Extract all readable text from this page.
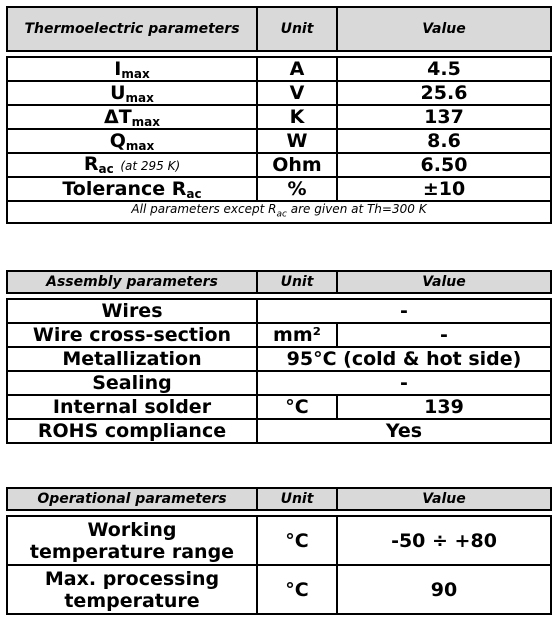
Thermoelectric parameters	Unit	Value

$I_{max}$	A	4.5
$U_{max}$	V	25.6
$\Delta T_{max}$	K	137
$Q_{max}$	W	8.6
$R_{ac}$ (at 295 K)	Ohm	6.50
Tolerance $R_{ac}$	%	±10
All parameters except $R_{ac}$ are given at Th=300 K		
Assembly parameters	Unit	Value

Wires	-	
Wire cross-section	mm²	-
Metallization	95°C (cold & hot side)	
Sealing	-	
Internal solder	°C	139
ROHS compliance	Yes	
Operational parameters	Unit	Value

Working
temperature range	°C	-50 ÷ +80
Max. processing
temperature	°C	90
